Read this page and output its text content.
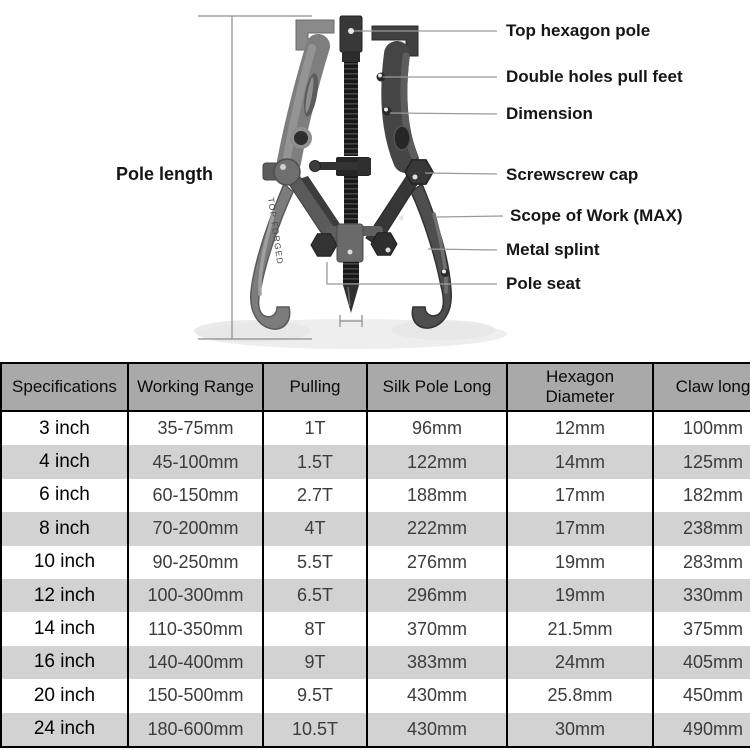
TOP FORGED
Pole length
Top hexagon pole
Double holes pull feet
Dimension
Screwscrew cap
Scope of Work (MAX)
Metal splint
Pole seat
Specifications	Working Range	Pulling	Silk Pole Long	Hexagon Diameter	Claw long
3 inch	35-75mm	1T	96mm	12mm	100mm
4 inch	45-100mm	1.5T	122mm	14mm	125mm
6 inch	60-150mm	2.7T	188mm	17mm	182mm
8 inch	70-200mm	4T	222mm	17mm	238mm
10 inch	90-250mm	5.5T	276mm	19mm	283mm
12 inch	100-300mm	6.5T	296mm	19mm	330mm
14 inch	110-350mm	8T	370mm	21.5mm	375mm
16 inch	140-400mm	9T	383mm	24mm	405mm
20 inch	150-500mm	9.5T	430mm	25.8mm	450mm
24 inch	180-600mm	10.5T	430mm	30mm	490mm
